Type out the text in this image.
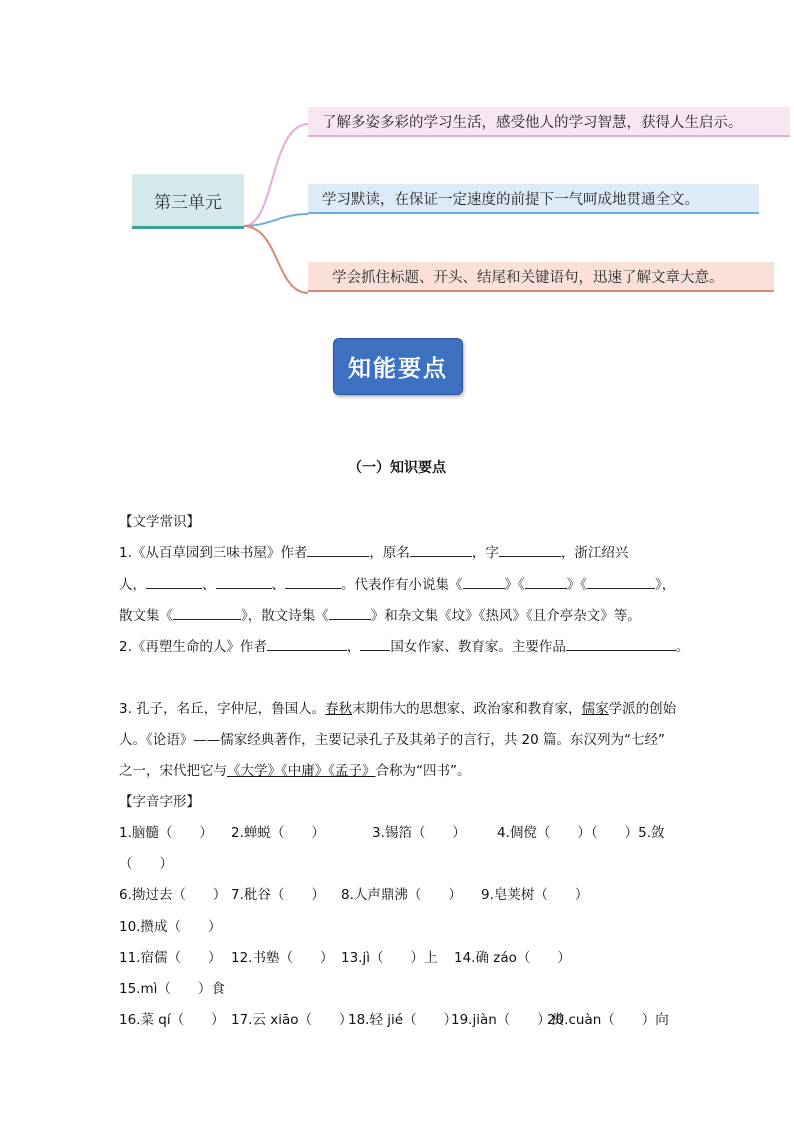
第三单元
了解多姿多彩的学习生活，感受他人的学习智慧，获得人生启示。
学习默读，在保证一定速度的前提下一气呵成地贯通全文。
学会抓住标题、开头、结尾和关键语句，迅速了解文章大意。
知能要点
（一）知识要点
【文学常识】
1.《从百草园到三味书屋》作者	，原名	，字	，浙江绍兴
人，	、	、	。代表作有小说集《	》《	》《	》，
散文集《	》，散文诗集《	》和杂文集《坟》《热风》《且介亭杂文》等。
2.《再塑生命的人》作者	， 国女作家、教育家。主要作品	。
3. 孔子，名丘，字仲尼，鲁国人。春秋末期伟大的思想家、政治家和教育家，儒家学派的创始
人。《论语》——儒家经典著作，主要记录孔子及其弟子的言行，共 20 篇。东汉列为“七经”
之一，宋代把它与《大学》《中庸》《孟子》合称为“四书”。
【字音字形】
1.脑髓（　　） 2.蝉蜕（　　）	3.锡箔（　　） 4.倜傥（　　）（　　）5.敛
（　　）
6.拗过去（　　） 7.秕谷（　　） 8.人声鼎沸（　　） 9.皂荚树（　　）
10.攒成（　　）
11.宿儒（　　） 12.书塾（　　） 13.jì（　　）上 14.确 záo（　　）
15.mì（　　）食
16.菜 qí（　　） 17.云 xiāo（　　）
18.轻 jié（　　）
19.jiàn（　　）赏
20.cuàn（　　）向
